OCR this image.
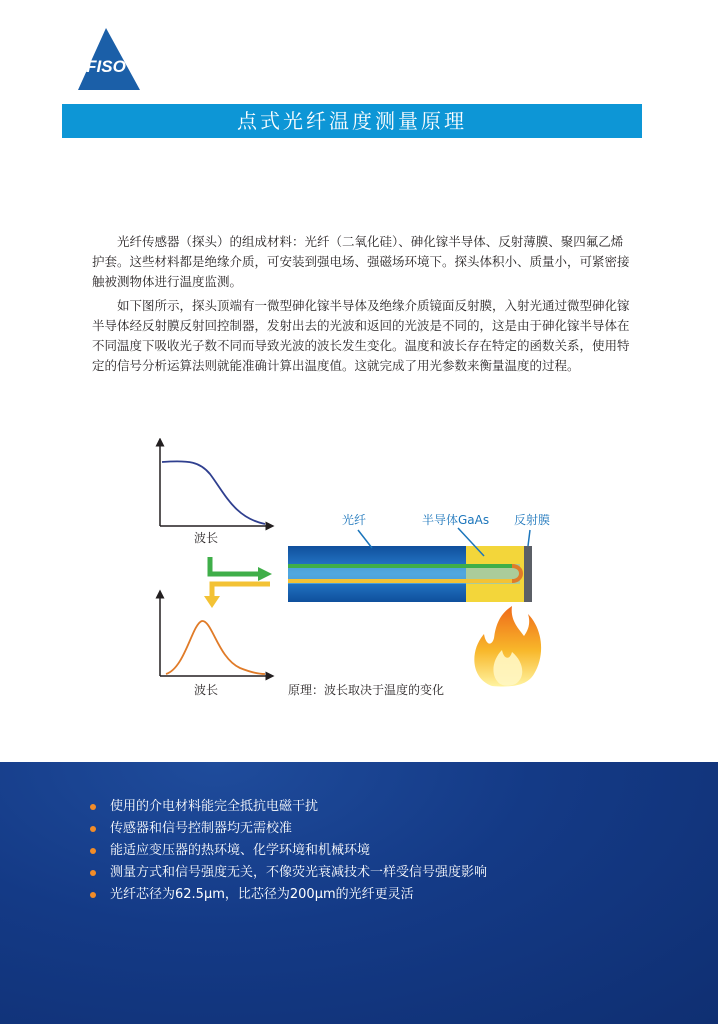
FISO
点式光纤温度测量原理

光纤传感器（探头）的组成材料：光纤（二氧化硅）、砷化镓半导体、反射薄膜、聚四氟乙烯护套。这些材料都是绝缘介质，可安装到强电场、强磁场环境下。探头体积小、质量小，可紧密接触被测物体进行温度监测。

如下图所示，探头顶端有一微型砷化镓半导体及绝缘介质镜面反射膜，入射光通过微型砷化镓半导体经反射膜反射回控制器，发射出去的光波和返回的光波是不同的，这是由于砷化镓半导体在不同温度下吸收光子数不同而导致光波的波长发生变化。温度和波长存在特定的函数关系，使用特定的信号分析运算法则就能准确计算出温度值。这就完成了用光参数来衡量温度的过程。

波长
波长
光纤	半导体GaAs 反射膜
原理：波长取决于温度的变化
使用的介电材料能完全抵抗电磁干扰
传感器和信号控制器均无需校准
能适应变压器的热环境、化学环境和机械环境
测量方式和信号强度无关，不像荧光衰减技术一样受信号强度影响
光纤芯径为62.5μm，比芯径为200μm的光纤更灵活
